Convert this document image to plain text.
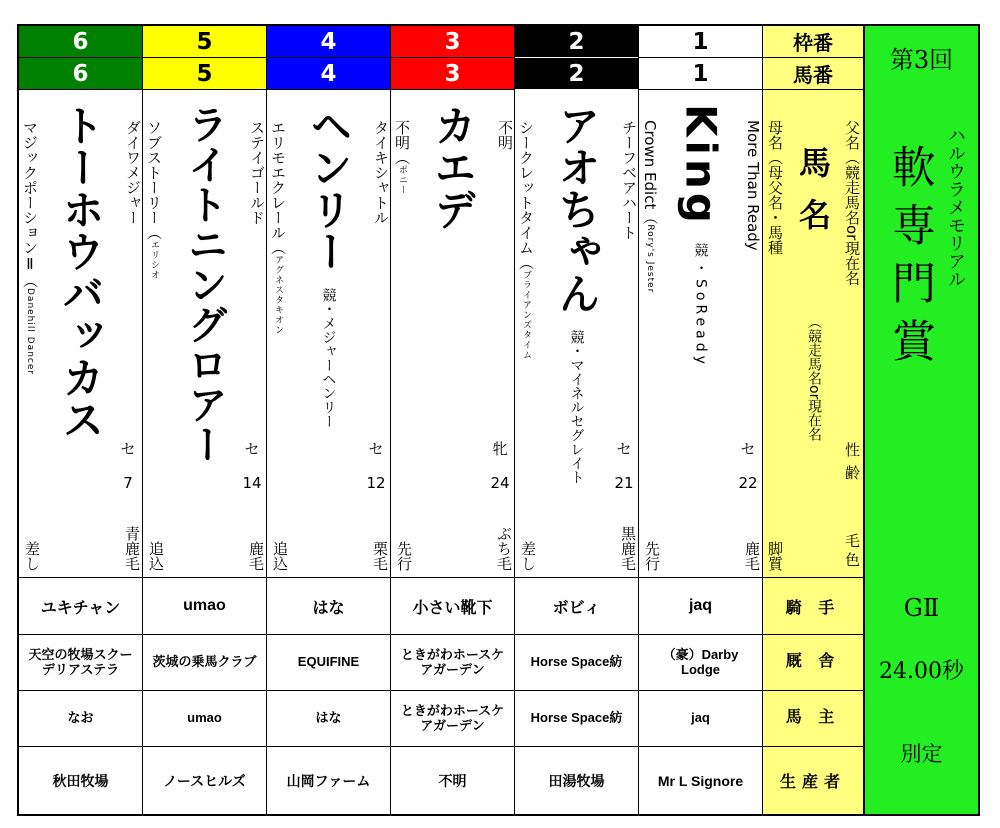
6
6
ダイワメジャー
トーホウバッカス
マジックポーションⅡ（Danehill Dancer
セ
7
青鹿毛
差し
ユキチャン
天空の牧場スクーデリアステラ
なお
秋田牧場
5
5
ステイゴールド
ライトニングロアー
ソブストーリー（エリシオ
セ
14
鹿毛
追込
umao
茨城の乗馬クラブ
umao
ノースヒルズ
4
4
タイキシャトル
ヘンリー競・メジャーヘンリー
エリモエクレール（アグネスタキオン
セ
12
栗毛
追込
はな
EQUIFINE
はな
山岡ファーム
3
3
不明
カエデ
不明（ポニー
牝
24
ぶち毛
先行
小さい靴下
ときがわホースケアガーデン
ときがわホースケアガーデン
不明
2
2
チーフベアハート
アオちゃん競・マイネルセグレイト
シークレットタイム（ブライアンズタイム
セ
21
黒鹿毛
差し
ボビィ
Horse Space紡
Horse Space紡
田湯牧場
1
1
More Than Ready
King競・SoReady
Crown Edict（Rory's Jester
セ
22
鹿毛
先行
jaq
（豪）Darby Lodge
jaq
Mr L Signore
枠番
馬番
父名（競走馬名or現在名
馬名
（競走馬名or現在名
母名（母父名・馬種
性齢
毛色
脚質
騎 手
厩 舎
馬 主
生産者
第3回
ハルウラメモリアル
軟専門賞
GⅡ
24.00秒
別定
